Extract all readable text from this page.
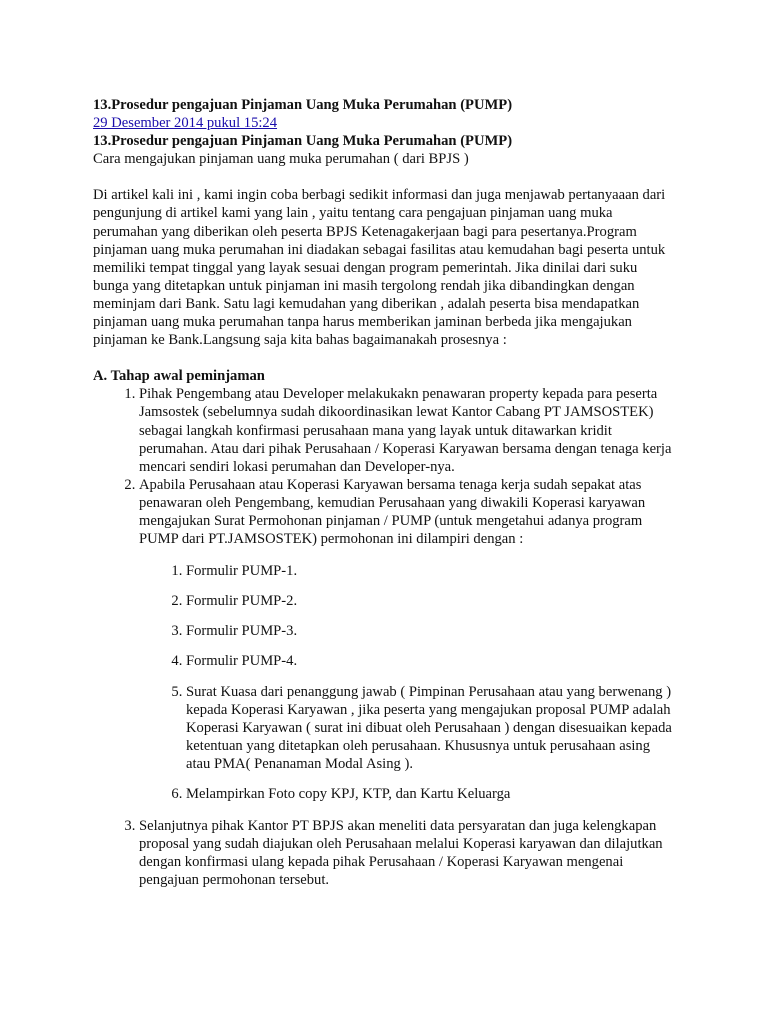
13.Prosedur pengajuan Pinjaman Uang Muka Perumahan (PUMP)
29 Desember 2014 pukul 15:24
13.Prosedur pengajuan Pinjaman Uang Muka Perumahan (PUMP)
Cara mengajukan pinjaman uang muka perumahan ( dari BPJS )

Di artikel kali ini , kami ingin coba berbagi sedikit informasi dan juga menjawab pertanyaaan dari pengunjung di artikel kami yang lain , yaitu tentang cara pengajuan pinjaman uang muka perumahan yang diberikan oleh peserta BPJS Ketenagakerjaan bagi para pesertanya.Program pinjaman uang muka perumahan ini diadakan sebagai fasilitas atau kemudahan bagi peserta untuk memiliki tempat tinggal yang layak sesuai dengan program pemerintah. Jika dinilai dari suku bunga yang ditetapkan untuk pinjaman ini masih tergolong rendah jika dibandingkan dengan meminjam dari Bank. Satu lagi kemudahan yang diberikan , adalah peserta bisa mendapatkan pinjaman uang muka perumahan tanpa harus memberikan jaminan berbeda jika mengajukan pinjaman ke Bank.Langsung saja kita bahas bagaimanakah prosesnya :

A. Tahap awal peminjaman
1. Pihak Pengembang atau Developer melakukakn penawaran property kepada para peserta Jamsostek (sebelumnya sudah dikoordinasikan lewat Kantor Cabang PT JAMSOSTEK) sebagai langkah konfirmasi perusahaan mana yang layak untuk ditawarkan kridit perumahan. Atau dari pihak Perusahaan / Koperasi Karyawan bersama dengan tenaga kerja mencari sendiri lokasi perumahan dan Developer-nya.
2. Apabila Perusahaan atau Koperasi Karyawan bersama tenaga kerja sudah sepakat atas penawaran oleh Pengembang, kemudian Perusahaan yang diwakili Koperasi karyawan mengajukan Surat Permohonan pinjaman / PUMP (untuk mengetahui adanya program PUMP dari PT.JAMSOSTEK) permohonan ini dilampiri dengan :
1. Formulir PUMP-1.
2. Formulir PUMP-2.
3. Formulir PUMP-3.
4. Formulir PUMP-4.
5. Surat Kuasa dari penanggung jawab ( Pimpinan Perusahaan atau yang berwenang ) kepada Koperasi Karyawan , jika peserta yang mengajukan proposal PUMP adalah Koperasi Karyawan ( surat ini dibuat oleh Perusahaan ) dengan disesuaikan kepada ketentuan yang ditetapkan oleh perusahaan. Khususnya untuk perusahaan asing atau PMA( Penanaman Modal Asing ).
6. Melampirkan Foto copy KPJ, KTP, dan Kartu Keluarga
3. Selanjutnya pihak Kantor PT BPJS akan meneliti data persyaratan dan juga kelengkapan proposal yang sudah diajukan oleh Perusahaan melalui Koperasi karyawan dan dilajutkan dengan konfirmasi ulang kepada pihak Perusahaan / Koperasi Karyawan mengenai pengajuan permohonan tersebut.
